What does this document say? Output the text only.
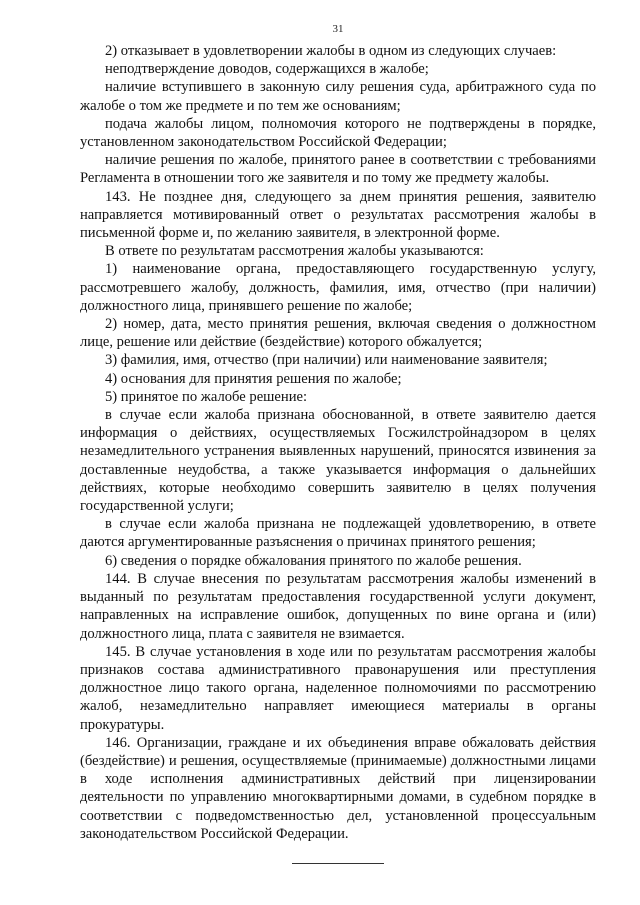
31

2) отказывает в удовлетворении жалобы в одном из следующих случаев:

неподтверждение доводов, содержащихся в жалобе;

наличие вступившего в законную силу решения суда, арбитражного суда по жалобе о том же предмете и по тем же основаниям;

подача жалобы лицом, полномочия которого не подтверждены в порядке, установленном законодательством Российской Федерации;

наличие решения по жалобе, принятого ранее в соответствии с требованиями Регламента в отношении того же заявителя и по тому же предмету жалобы.

143. Не позднее дня, следующего за днем принятия решения, заявителю направляется мотивированный ответ о результатах рассмотрения жалобы в письменной форме и, по желанию заявителя, в электронной форме.

В ответе по результатам рассмотрения жалобы указываются:

1) наименование органа, предоставляющего государственную услугу, рассмотревшего жалобу, должность, фамилия, имя, отчество (при наличии) должностного лица, принявшего решение по жалобе;

2) номер, дата, место принятия решения, включая сведения о должностном лице, решение или действие (бездействие) которого обжалуется;

3) фамилия, имя, отчество (при наличии) или наименование заявителя;

4) основания для принятия решения по жалобе;

5) принятое по жалобе решение:

в случае если жалоба признана обоснованной, в ответе заявителю дается информация о действиях, осуществляемых Госжилстройнадзором в целях незамедлительного устранения выявленных нарушений, приносятся извинения за доставленные неудобства, а также указывается информация о дальнейших действиях, которые необходимо совершить заявителю в целях получения государственной услуги;

в случае если жалоба признана не подлежащей удовлетворению, в ответе даются аргументированные разъяснения о причинах принятого решения;

6) сведения о порядке обжалования принятого по жалобе решения.

144. В случае внесения по результатам рассмотрения жалобы изменений в выданный по результатам предоставления государственной услуги документ, направленных на исправление ошибок, допущенных по вине органа и (или) должностного лица, плата с заявителя не взимается.

145. В случае установления в ходе или по результатам рассмотрения жалобы признаков состава административного правонарушения или преступления должностное лицо такого органа, наделенное полномочиями по рассмотрению жалоб, незамедлительно направляет имеющиеся материалы в органы прокуратуры.

146. Организации, граждане и их объединения вправе обжаловать действия (бездействие) и решения, осуществляемые (принимаемые) должностными лицами в ходе исполнения административных действий при лицензировании деятельности по управлению многоквартирными домами, в судебном порядке в соответствии с подведомственностью дел, установленной процессуальным законодательством Российской Федерации.
